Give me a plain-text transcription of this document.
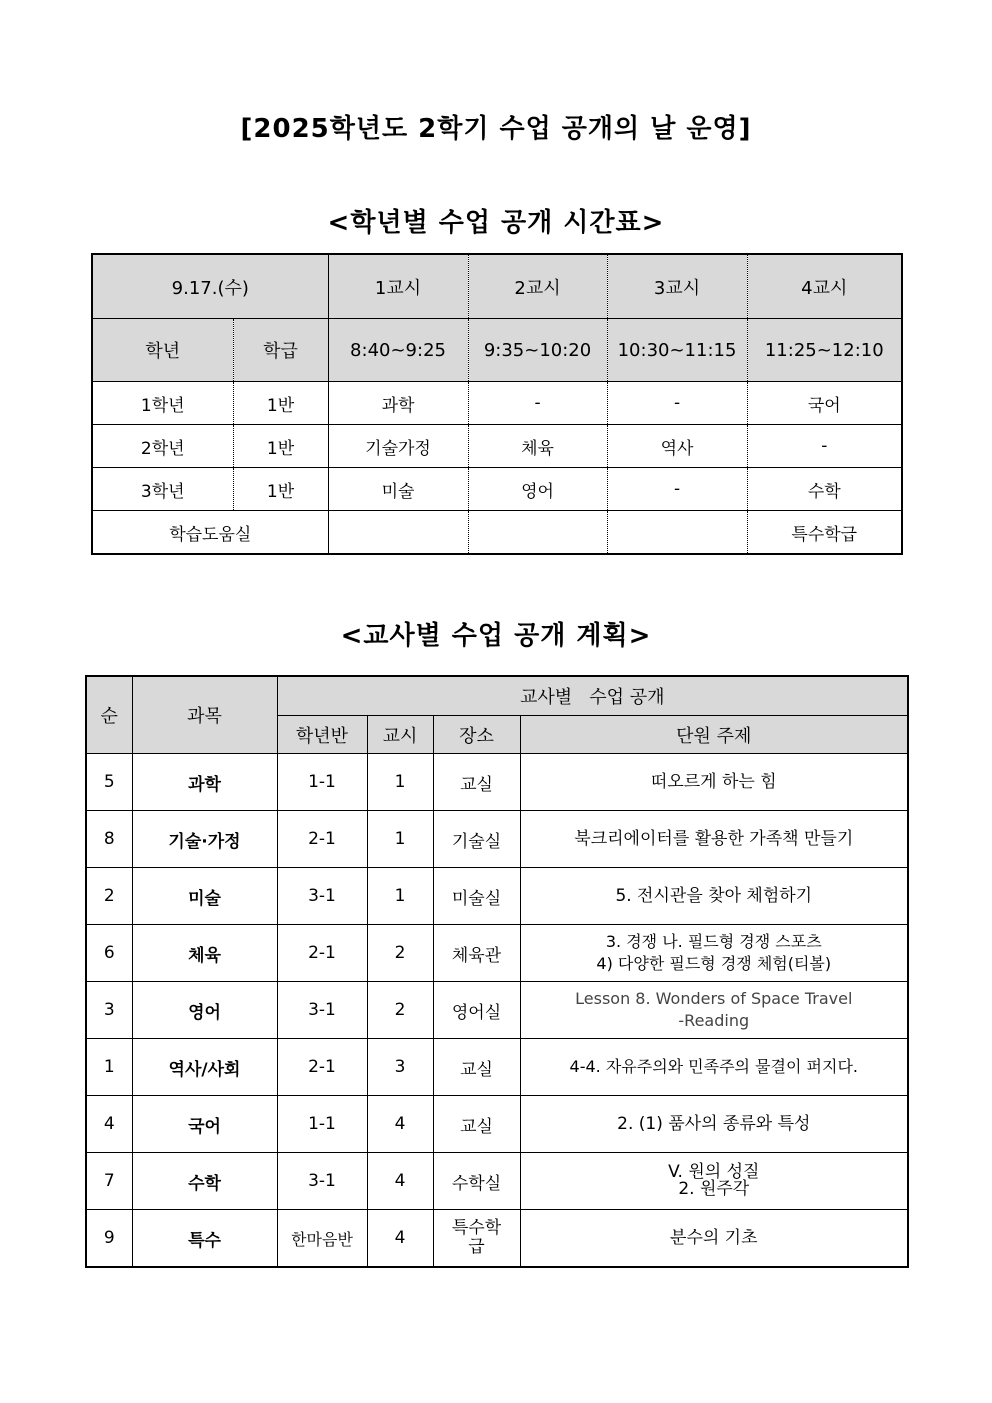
[2025학년도 2학기 수업 공개의 날 운영]
<학년별 수업 공개 시간표>
9.17.(수)		1교시	2교시	3교시	4교시
학년	학급	8:40~9:25	9:35~10:20	10:30~11:15	11:25~12:10
1학년	1반	과학	-	-	국어
2학년	1반	기술가정	체육	역사	-
3학년	1반	미술	영어	-	수학
학습도움실					특수학급
<교사별 수업 공개 계획>
순	과목	교사별   수업 공개			
		학년반	교시	장소	단원 주제
5	과학	1-1	1	교실	떠오르게 하는 힘

8	기술·가정	2-1	1	기술실	북크리에이터를 활용한 가족책 만들기

2	미술	3-1	1	미술실	5. 전시관을 찾아 체험하기

6	체육	2-1	2	체육관	3. 경쟁 나. 필드형 경쟁 스포츠
4) 다양한 필드형 경쟁 체험(티볼)

3	영어	3-1	2	영어실	Lesson 8. Wonders of Space Travel
-Reading

1	역사/사회	2-1	3	교실	4-4. 자유주의와 민족주의 물결이 퍼지다.

4	국어	1-1	4	교실	2. (1) 품사의 종류와 특성

7	수학	3-1	4	수학실	V. 원의 성질
2. 원주각

9	특수	한마음반	4	특수학급	분수의 기초
